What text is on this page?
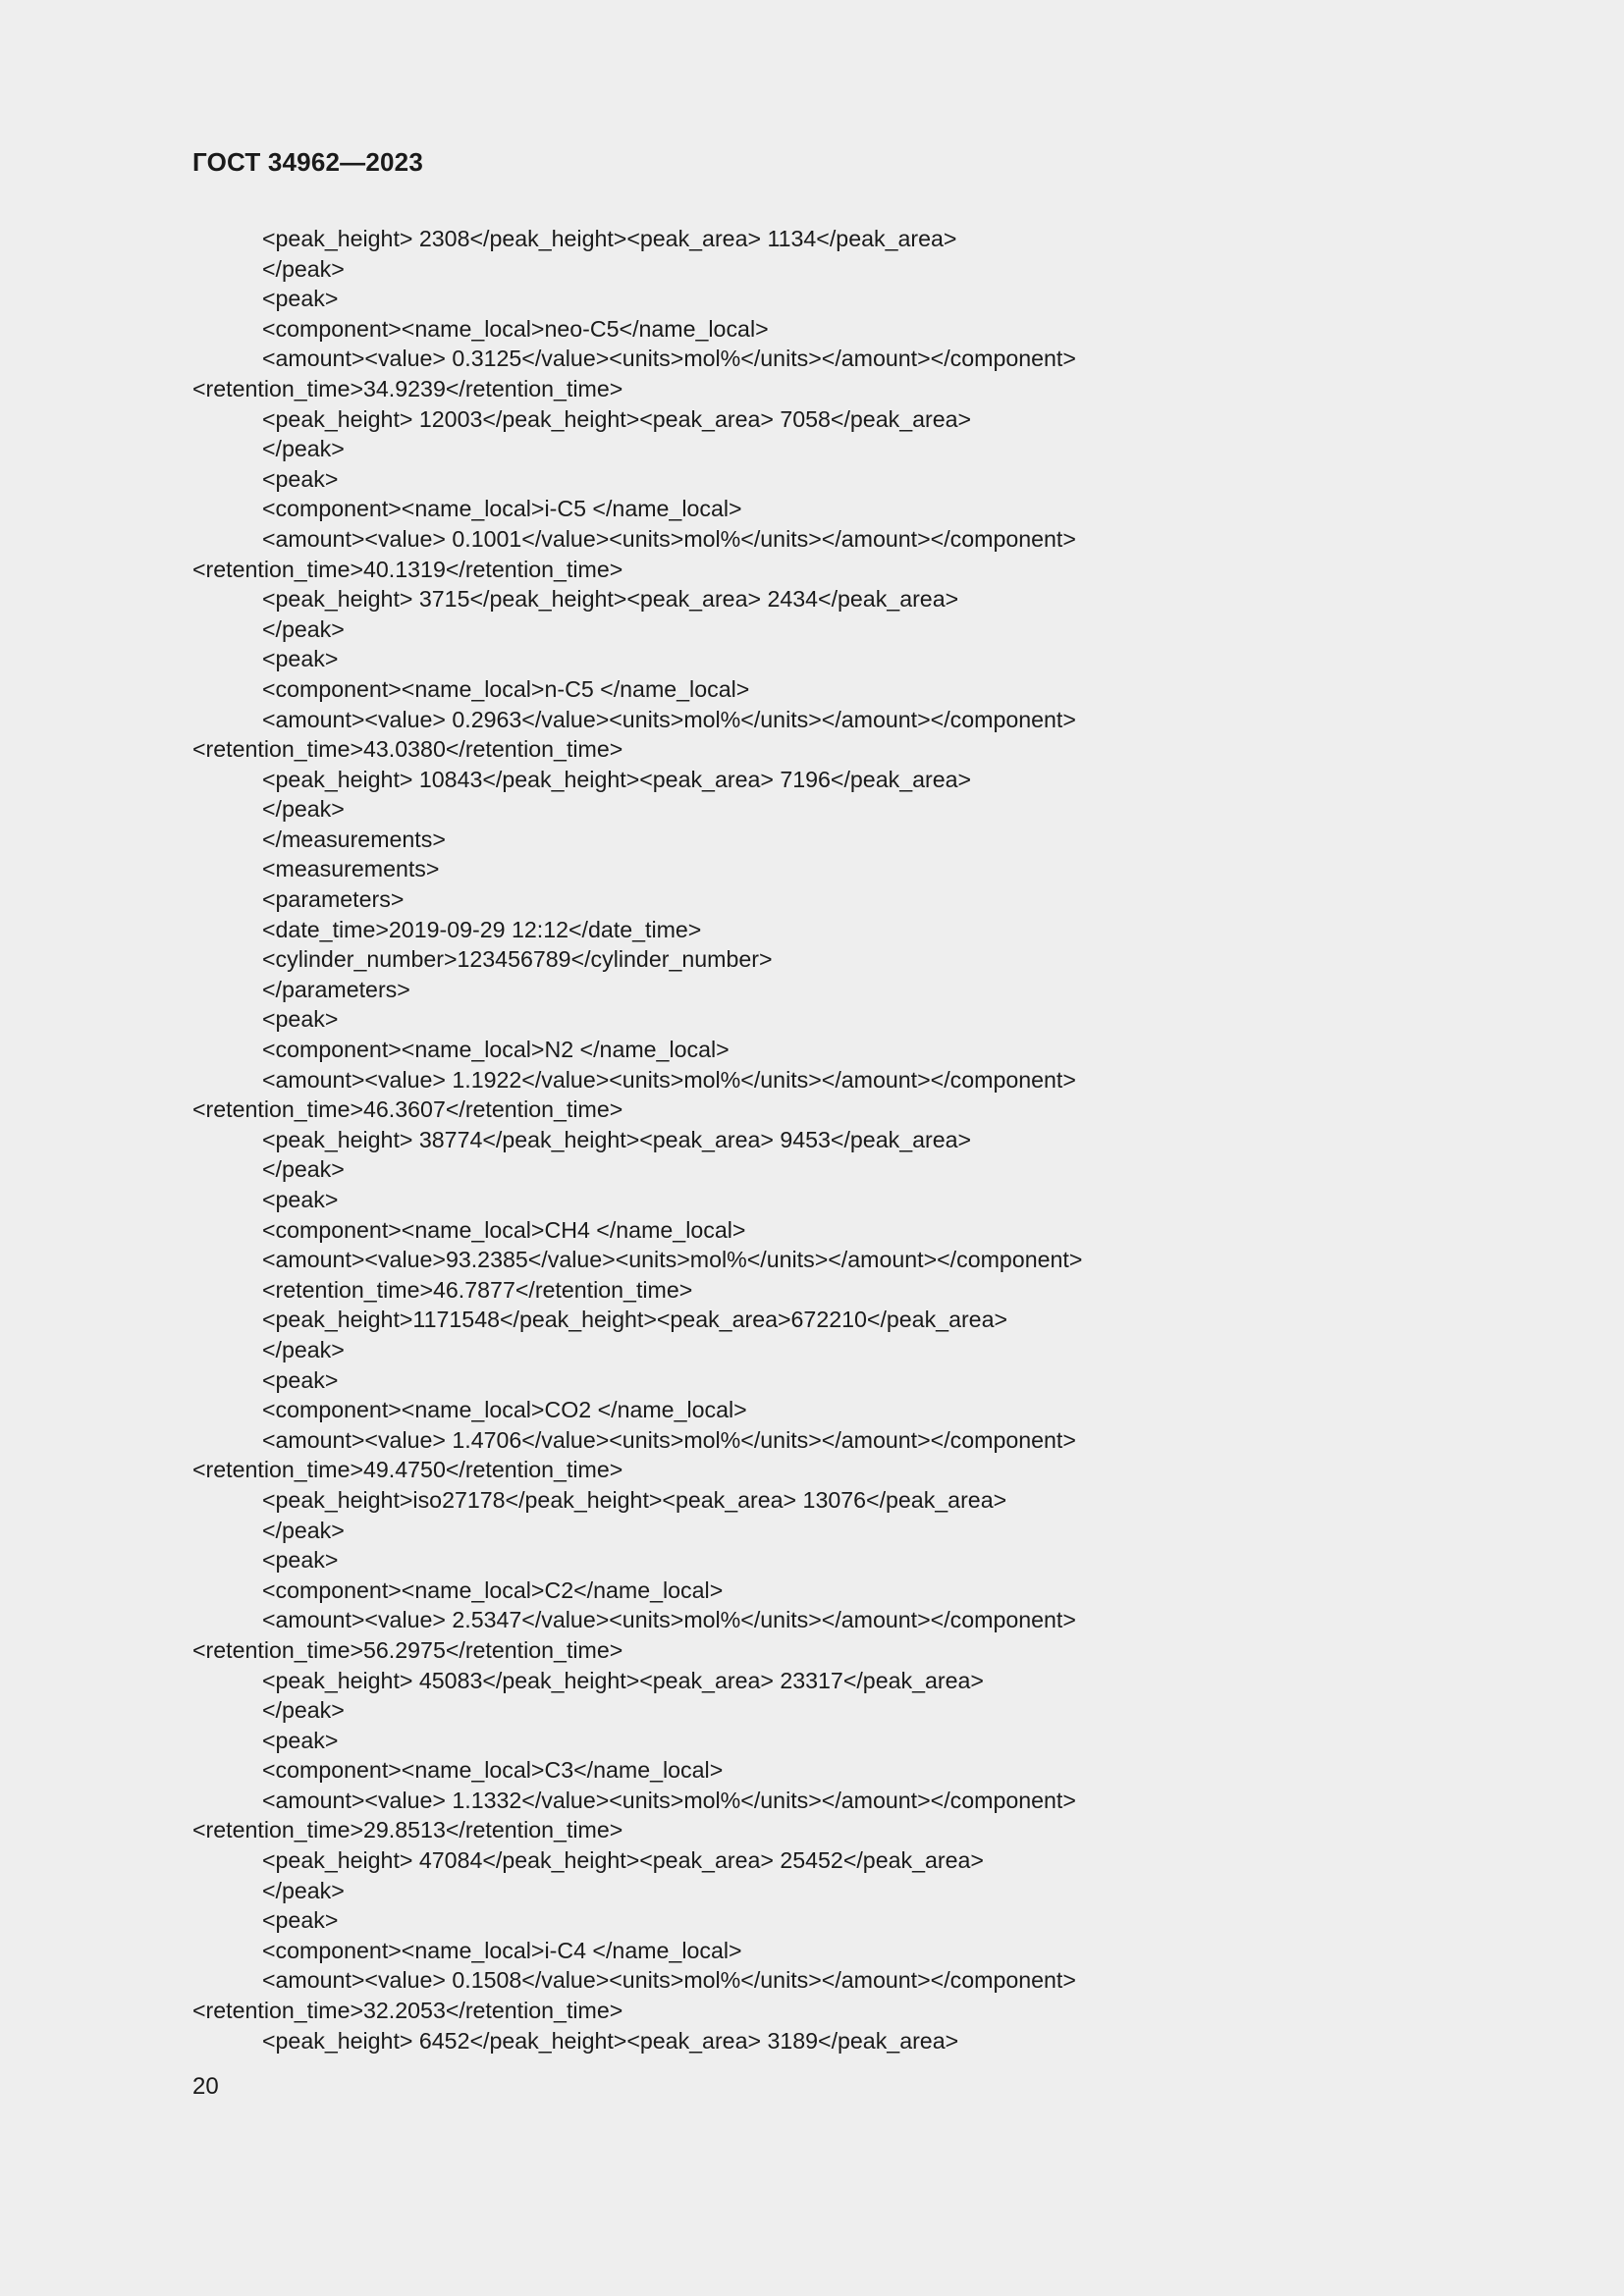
ГОСТ 34962—2023
<peak_height> 2308</peak_height><peak_area> 1134</peak_area>
</peak>
<peak>
<component><name_local>neo-C5</name_local>
<amount><value> 0.3125</value><units>mol%</units></amount></component>
<retention_time>34.9239</retention_time>
<peak_height> 12003</peak_height><peak_area> 7058</peak_area>
</peak>
<peak>
<component><name_local>i-C5 </name_local>
<amount><value> 0.1001</value><units>mol%</units></amount></component>
<retention_time>40.1319</retention_time>
<peak_height> 3715</peak_height><peak_area> 2434</peak_area>
</peak>
<peak>
<component><name_local>n-C5 </name_local>
<amount><value> 0.2963</value><units>mol%</units></amount></component>
<retention_time>43.0380</retention_time>
<peak_height> 10843</peak_height><peak_area> 7196</peak_area>
</peak>
</measurements>
<measurements>
<parameters>
<date_time>2019-09-29 12:12</date_time>
<cylinder_number>123456789</cylinder_number>
</parameters>
<peak>
<component><name_local>N2 </name_local>
<amount><value> 1.1922</value><units>mol%</units></amount></component>
<retention_time>46.3607</retention_time>
<peak_height> 38774</peak_height><peak_area> 9453</peak_area>
</peak>
<peak>
<component><name_local>CH4 </name_local>
<amount><value>93.2385</value><units>mol%</units></amount></component>
<retention_time>46.7877</retention_time>
<peak_height>1171548</peak_height><peak_area>672210</peak_area>
</peak>
<peak>
<component><name_local>CO2 </name_local>
<amount><value> 1.4706</value><units>mol%</units></amount></component>
<retention_time>49.4750</retention_time>
<peak_height>iso27178</peak_height><peak_area> 13076</peak_area>
</peak>
<peak>
<component><name_local>C2</name_local>
<amount><value> 2.5347</value><units>mol%</units></amount></component>
<retention_time>56.2975</retention_time>
<peak_height> 45083</peak_height><peak_area> 23317</peak_area>
</peak>
<peak>
<component><name_local>C3</name_local>
<amount><value> 1.1332</value><units>mol%</units></amount></component>
<retention_time>29.8513</retention_time>
<peak_height> 47084</peak_height><peak_area> 25452</peak_area>
</peak>
<peak>
<component><name_local>i-C4 </name_local>
<amount><value> 0.1508</value><units>mol%</units></amount></component>
<retention_time>32.2053</retention_time>
<peak_height> 6452</peak_height><peak_area> 3189</peak_area>
20
